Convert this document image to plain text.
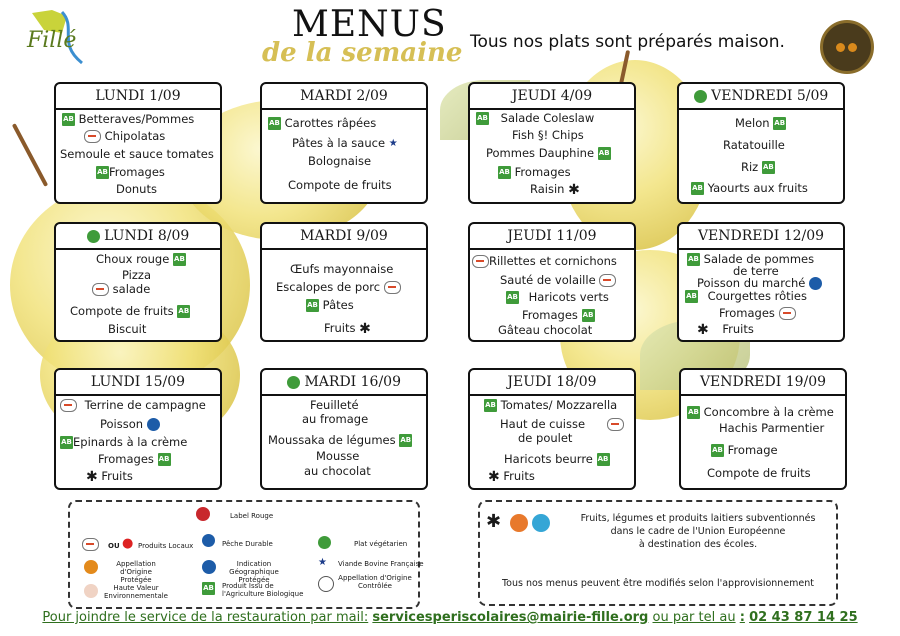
Fillé	MENUS
de la semaine Tous nos plats sont préparés maison.
LUNDI 1/09
AB Betteraves/Pommes
Chipolatas
Semoule et sauce tomates
ABFromages
Donuts
MARDI 2/09
AB Carottes râpées
Pâtes à la sauce ★
Bolognaise
Compote de fruits
JEUDI 4/09
AB Salade Coleslaw
Fish §! Chips
Pommes Dauphine AB
AB Fromages
Raisin ✱
VENDREDI 5/09
Melon AB
Ratatouille
Riz AB
AB Yaourts aux fruits
LUNDI 8/09
Choux rouge AB
Pizza
salade
Compote de fruits AB
Biscuit
MARDI 9/09
Œufs mayonnaise
Escalopes de porc
AB Pâtes
Fruits ✱
JEUDI 11/09
Rillettes et cornichons
Sauté de volaille
AB Haricots verts
Fromages AB
Gâteau chocolat
VENDREDI 12/09
AB Salade de pommes
de terre
Poisson du marché
AB Courgettes rôties
Fromages
✱ Fruits
LUNDI 15/09
Terrine de campagne
Poisson
ABEpinards à la crème
Fromages AB
✱ Fruits
MARDI 16/09
Feuilleté
au fromage
Moussaka de légumes AB
Mousse
au chocolat
JEUDI 18/09
AB Tomates/ Mozzarella
Haut de cuisse
de poulet
Haricots beurre AB
✱ Fruits
VENDREDI 19/09
AB Concombre à la crème
Hachis Parmentier
AB Fromage
Compote de fruits
Label Rouge
OU ● Produits Locaux	Plat végétarien
Pêche Durable
Appellation d'Origine Protégée
Indication Géographique Protégée
★	Viande Bovine Française
Haute Valeur Environnementale
AB Produit Issu de l'Agriculture Biologique
Appellation d'Origine Contrôlée
✱	Fruits, légumes et produits laitiers subventionnés
dans le cadre de l'Union Européenne
à destination des écoles.
Tous nos menus peuvent être modifiés selon l'approvisionnement
Pour joindre le service de la restauration par mail: servicesperiscolaires@mairie-fille.org ou par tel au : 02 43 87 14 25
